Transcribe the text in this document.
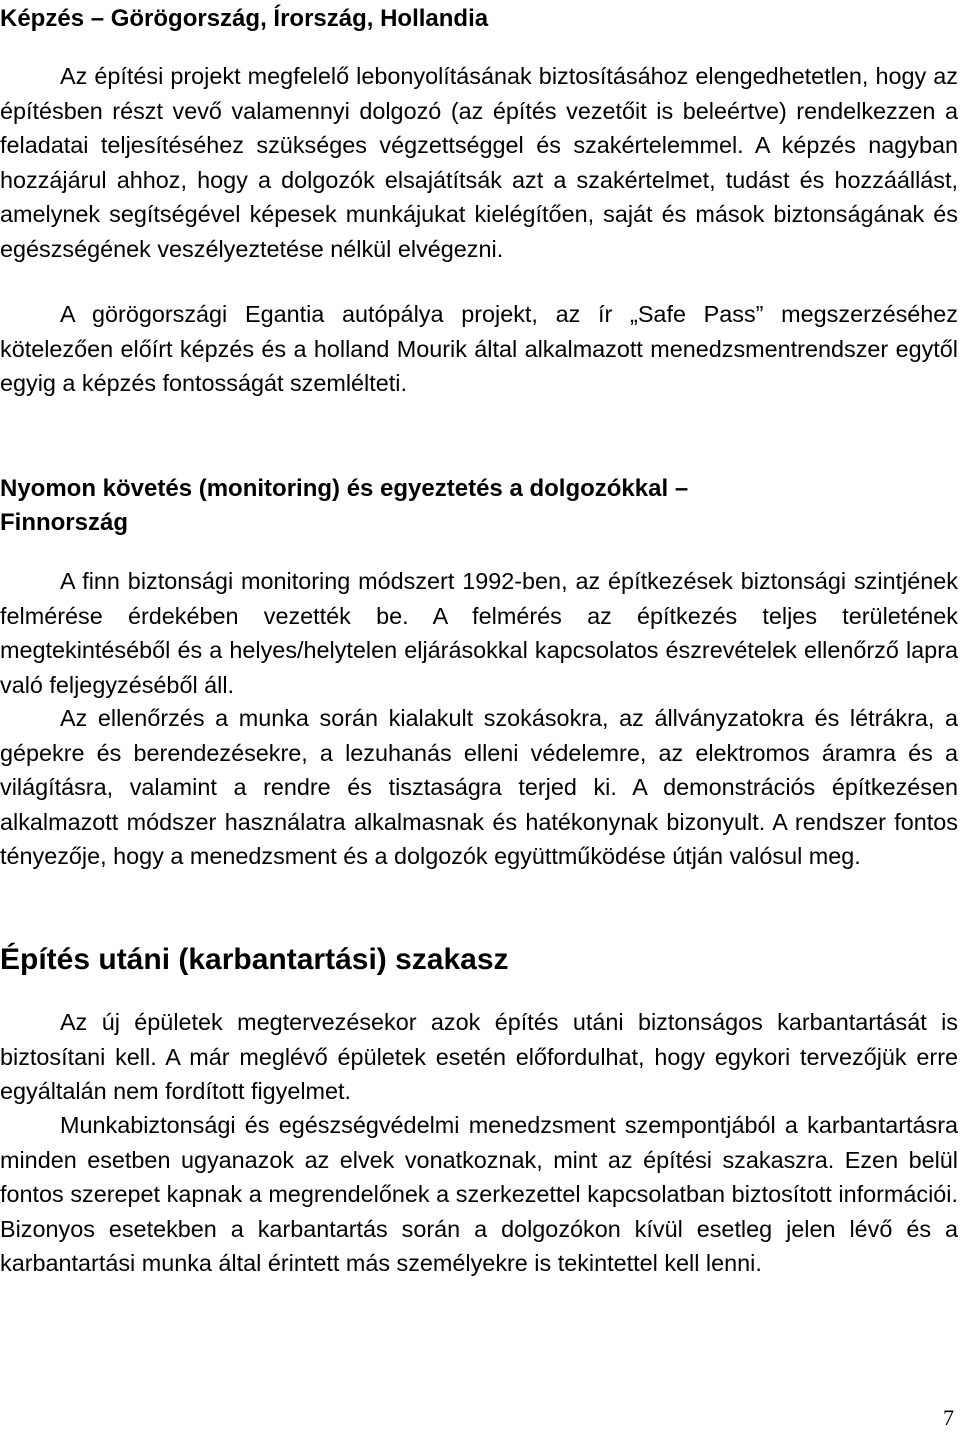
Képzés – Görögország, Írország, Hollandia

Az építési projekt megfelelő lebonyolításának biztosításához elengedhetetlen, hogy az építésben részt vevő valamennyi dolgozó (az építés vezetőit is beleértve) rendelkezzen a feladatai teljesítéséhez szükséges végzettséggel és szakértelemmel. A képzés nagyban hozzájárul ahhoz, hogy a dolgozók elsajátítsák azt a szakértelmet, tudást és hozzáállást, amelynek segítségével képesek munkájukat kielégítően, saját és mások biztonságának és egészségének veszélyeztetése nélkül elvégezni.

A görögországi Egantia autópálya projekt, az ír „Safe Pass” megszerzéséhez kötelezően előírt képzés és a holland Mourik által alkalmazott menedzsmentrendszer egytől egyig a képzés fontosságát szemlélteti.

Nyomon követés (monitoring) és egyeztetés a dolgozókkal –
Finnország

A finn biztonsági monitoring módszert 1992-ben, az építkezések biztonsági szintjének felmérése érdekében vezették be. A felmérés az építkezés teljes területének megtekintéséből és a helyes/helytelen eljárásokkal kapcsolatos észrevételek ellenőrző lapra való feljegyzéséből áll.

Az ellenőrzés a munka során kialakult szokásokra, az állványzatokra és létrákra, a gépekre és berendezésekre, a lezuhanás elleni védelemre, az elektromos áramra és a világításra, valamint a rendre és tisztaságra terjed ki. A demonstrációs építkezésen alkalmazott módszer használatra alkalmasnak és hatékonynak bizonyult. A rendszer fontos tényezője, hogy a menedzsment és a dolgozók együttműködése útján valósul meg.

Építés utáni (karbantartási) szakasz

Az új épületek megtervezésekor azok építés utáni biztonságos karbantartását is biztosítani kell. A már meglévő épületek esetén előfordulhat, hogy egykori tervezőjük erre egyáltalán nem fordított figyelmet.

Munkabiztonsági és egészségvédelmi menedzsment szempontjából a karbantartásra minden esetben ugyanazok az elvek vonatkoznak, mint az építési szakaszra. Ezen belül fontos szerepet kapnak a megrendelőnek a szerkezettel kapcsolatban biztosított információi. Bizonyos esetekben a karbantartás során a dolgozókon kívül esetleg jelen lévő és a karbantartási munka által érintett más személyekre is tekintettel kell lenni.

7
